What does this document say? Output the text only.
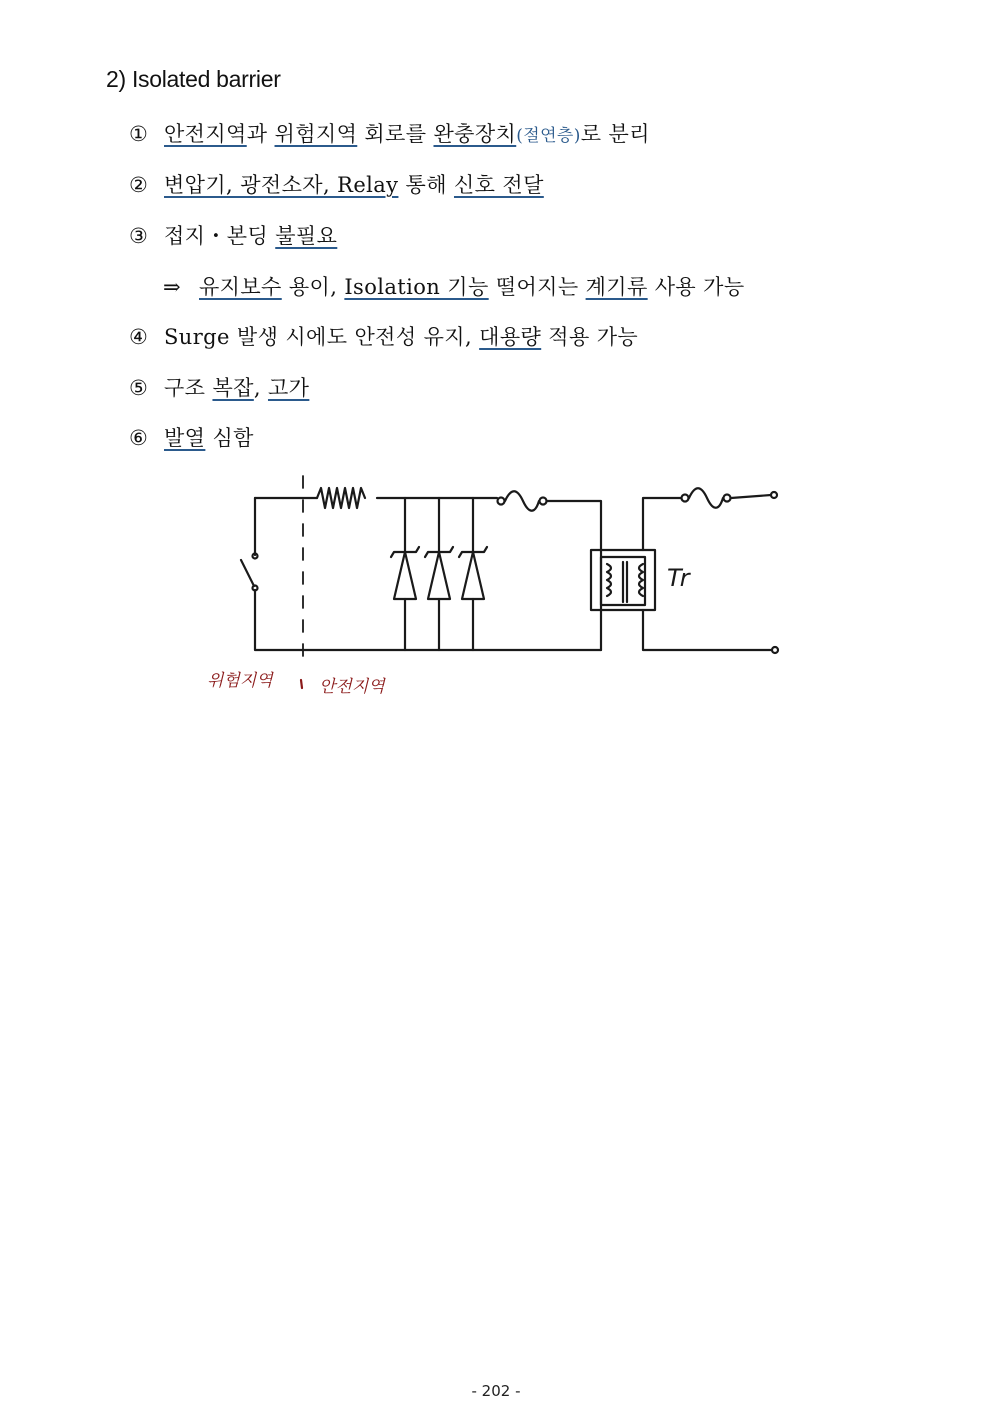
2) Isolated barrier
① 안전지역과 위험지역 회로를 완충장치(절연층)로 분리
② 변압기, 광전소자, Relay 통해 신호 전달
③ 접지・본딩 불필요
⇒ 유지보수 용이, Isolation 기능 떨어지는 계기류 사용 가능
④ Surge 발생 시에도 안전성 유지, 대용량 적용 가능
⑤ 구조 복잡, 고가
⑥ 발열 심함
Tr
위험지역	안전지역
- 202 -
